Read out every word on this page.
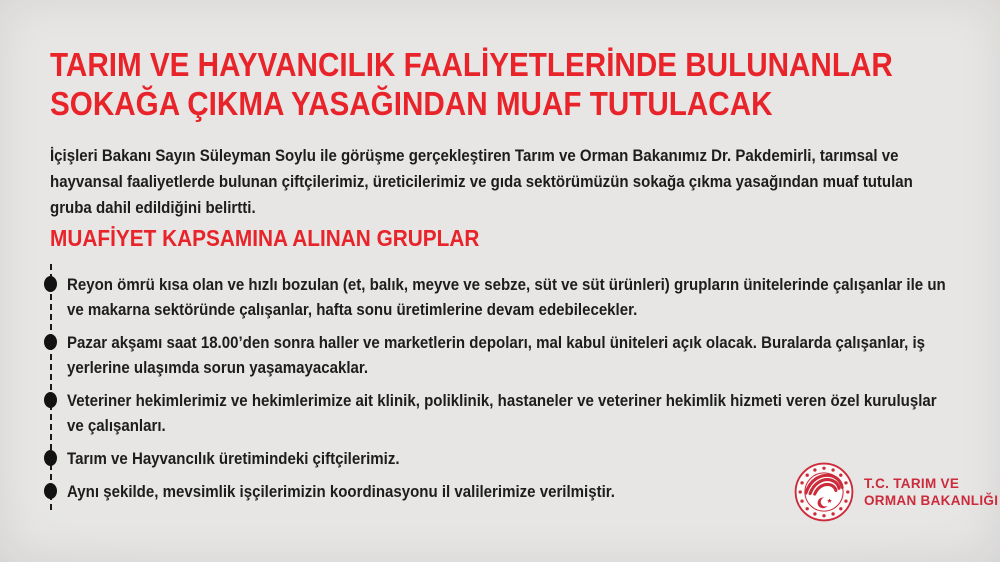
TARIM VE HAYVANCILIK FAALİYETLERİNDE BULUNANLAR
SOKAĞA ÇIKMA YASAĞINDAN MUAF TUTULACAK

İçişleri Bakanı Sayın Süleyman Soylu ile görüşme gerçekleştiren Tarım ve Orman Bakanımız Dr. Pakdemirli, tarımsal ve hayvansal faaliyetlerde bulunan çiftçilerimiz, üreticilerimiz ve gıda sektörümüzün sokağa çıkma yasağından muaf tutulan gruba dahil edildiğini belirtti.

MUAFİYET KAPSAMINA ALINAN GRUPLAR
Reyon ömrü kısa olan ve hızlı bozulan (et, balık, meyve ve sebze, süt ve süt ürünleri) grupların ünitelerinde çalışanlar ile un ve makarna sektöründe çalışanlar, hafta sonu üretimlerine devam edebilecekler.
Pazar akşamı saat 18.00’den sonra haller ve marketlerin depoları, mal kabul üniteleri açık olacak. Buralarda çalışanlar, iş yerlerine ulaşımda sorun yaşamayacaklar.
Veteriner hekimlerimiz ve hekimlerimize ait klinik, poliklinik, hastaneler ve veteriner hekimlik hizmeti veren özel kuruluşlar ve çalışanları.
Tarım ve Hayvancılık üretimindeki çiftçilerimiz.
Aynı şekilde, mevsimlik işçilerimizin koordinasyonu il valilerimize verilmiştir.	T.C. TARIM VE
ORMAN BAKANLIĞI
